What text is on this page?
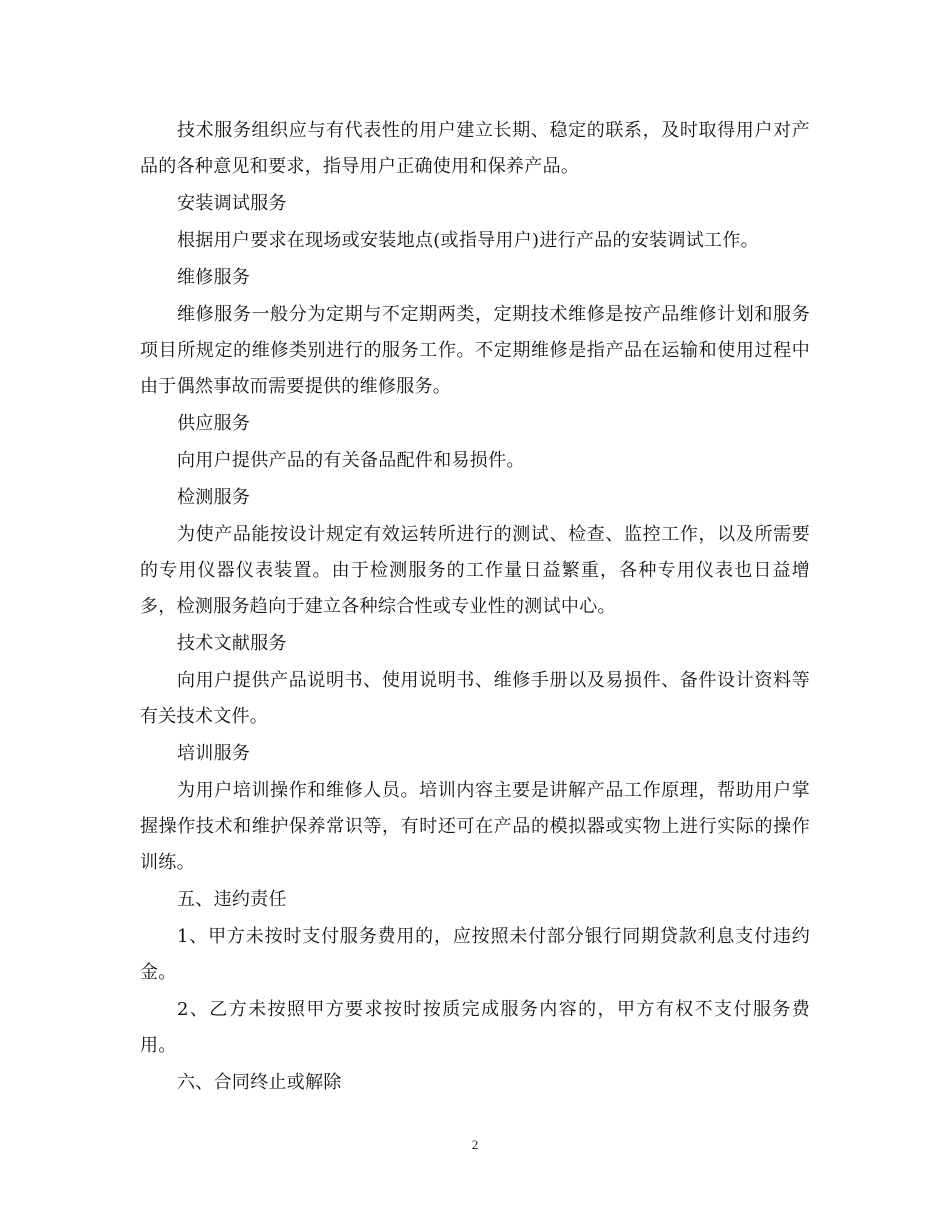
技术服务组织应与有代表性的用户建立长期、稳定的联系，及时取得用户对产品的各种意见和要求，指导用户正确使用和保养产品。

安装调试服务

根据用户要求在现场或安装地点(或指导用户)进行产品的安装调试工作。

维修服务

维修服务一般分为定期与不定期两类，定期技术维修是按产品维修计划和服务项目所规定的维修类别进行的服务工作。不定期维修是指产品在运输和使用过程中由于偶然事故而需要提供的维修服务。

供应服务

向用户提供产品的有关备品配件和易损件。

检测服务

为使产品能按设计规定有效运转所进行的测试、检查、监控工作，以及所需要的专用仪器仪表装置。由于检测服务的工作量日益繁重，各种专用仪表也日益增多，检测服务趋向于建立各种综合性或专业性的测试中心。

技术文献服务

向用户提供产品说明书、使用说明书、维修手册以及易损件、备件设计资料等有关技术文件。

培训服务

为用户培训操作和维修人员。培训内容主要是讲解产品工作原理，帮助用户掌握操作技术和维护保养常识等，有时还可在产品的模拟器或实物上进行实际的操作训练。

五、违约责任

1、甲方未按时支付服务费用的，应按照未付部分银行同期贷款利息支付违约金。

2、乙方未按照甲方要求按时按质完成服务内容的，甲方有权不支付服务费用。

六、合同终止或解除

2
